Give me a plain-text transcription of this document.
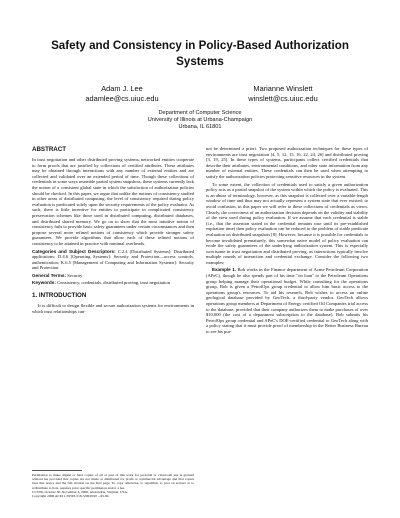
Safety and Consistency in Policy-Based Authorization Systems
Adam J. Lee
adamlee@cs.uiuc.edu
Marianne Winslett
winslett@cs.uiuc.edu
Department of Computer Science
University of Illinois at Urbana-Champaign
Urbana, IL 61801
ABSTRACT

In trust negotiation and other distributed proving systems, networked entities cooperate to form proofs that are justified by collections of certified attributes. These attributes may be obtained through interactions with any number of external entities and are collected and validated over an extended period of time. Though these collections of credentials in some ways resemble partial system snapshots, these systems currently lack the notion of a consistent global state in which the satisfaction of authorization policies should be checked. In this paper, we argue that unlike the notions of consistency studied in other areas of distributed computing, the level of consistency required during policy evaluation is predicated solely upon the security requirements of the policy evaluator. As such, there is little incentive for entities to participate in complicated consistency preservation schemes like those used in distributed computing, distributed databases, and distributed shared memory. We go on to show that the most intuitive notion of consistency fails to provide basic safety guarantees under certain circumstances and then propose several more refined notions of consistency which provide stronger safety guarantees. We provide algorithms that allow each of these refined notions of consistency to be attained in practice with minimal overheads.

Categories and Subject Descriptors: C.2.4 [Distributed Systems]: Distributed applications; D.4.6 [Operating Systems]: Security and Protection—access controls, authentication; K.6.5 [Management of Computing and Information Systems]: Security and Protection

General Terms: Security

Keywords: Consistency, credentials, distributed proving, trust negotiation

1. INTRODUCTION

It is difficult to design flexible and secure authorization systems for environments in which trust relationships can-

Permission to make digital or hard copies of all or part of this work for personal or classroom use is granted without fee provided that copies are not made or distributed for profit or commercial advantage and that copies bear this notice and the full citation on the first page. To copy otherwise, to republish, to post on servers or to redistribute to lists, requires prior specific permission and/or a fee.
CCS'06, October 30–November 3, 2006, Alexandria, Virginia, USA.
Copyright 2006 ACM 1-59593-518-5/06/0010 ...$5.00.

not be determined a priori. Two proposed authorization techniques for these types of environments are trust negotiation [4, 5, 12, 15, 16, 22, 24, 26] and distributed proving [3, 19, 25]. In these types of systems, participants collect certified credentials that describe their attributes, environmental conditions, and other state information from any number of external entities. These credentials can then be used when attempting to satisfy the authorization policies protecting sensitive resources in the system.

To some extent, the collection of credentials used to satisfy a given authorization policy acts as a partial snapshot of the system within which the policy is evaluated. This is an abuse of terminology, however, as this snapshot is collected over a variable-length window of time and thus may not actually represent a system state that ever existed; to avoid confusion, in this paper we will refer to these collections of credentials as views. Clearly, the correctness of an authorization decision depends on the validity and stability of the view used during policy evaluation. If we assume that each credential is stable (i.e., that the assertion stated in the credential remains true until its pre-established expiration time) then policy evaluation can be reduced to the problem of stable predicate evaluation on distributed snapshots [8]. However, because it is possible for credentials to become invalidated prematurely, this somewhat naive model of policy evaluation can erode the safety guarantees of the underlying authorization system. This is especially worrisome in trust negotiation and distributed proving, as interactions typically involve multiple rounds of interaction and credential exchange. Consider the following two examples:

Example 1. Bob works in the Finance department of Acme Petroleum Corporation (APeC), though he also spends part of his time "on loan" to the Petroleum Operations group helping manage their operational budget. While consulting for the operations group, Bob is given a PetrolOps group credential to allow him basic access to the operations group's resources. To aid his research, Bob wishes to access an online geological database provided by GeoTech, a third-party vendor. GeoTech allows operations group members at Department of Energy certified Oil Companies trial access to the database, provided that their company authorizes them to make purchases of over $10,000 (the cost of a department subscription to the database). Bob submits his PetrolOps group credential and APeC's DOE-certified credential to GeoTech along with a policy stating that it must provide proof of membership in the Better Business Bureau to see his pur-
